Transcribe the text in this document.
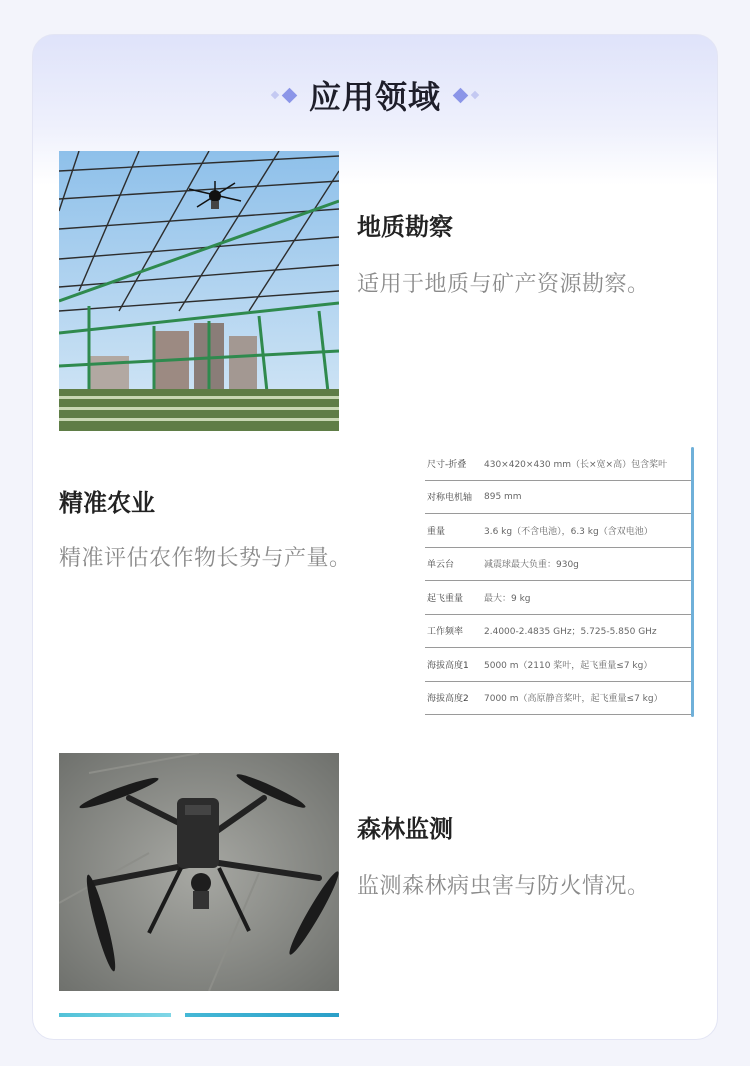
应用领域
地质勘察
适用于地质与矿产资源勘察。
精准农业
精准评估农作物长势与产量。
尺寸-折叠	430×420×430 mm（长×宽×高）包含桨叶
对称电机轴	895 mm
重量	3.6 kg（不含电池），6.3 kg（含双电池）
单云台	减震球最大负重：930g
起飞重量	最大：9 kg
工作频率	2.4000-2.4835 GHz；5.725-5.850 GHz
海拔高度1	5000 m（2110 桨叶，起飞重量≤7 kg）
海拔高度2	7000 m（高原静音桨叶，起飞重量≤7 kg）
森林监测
监测森林病虫害与防火情况。
